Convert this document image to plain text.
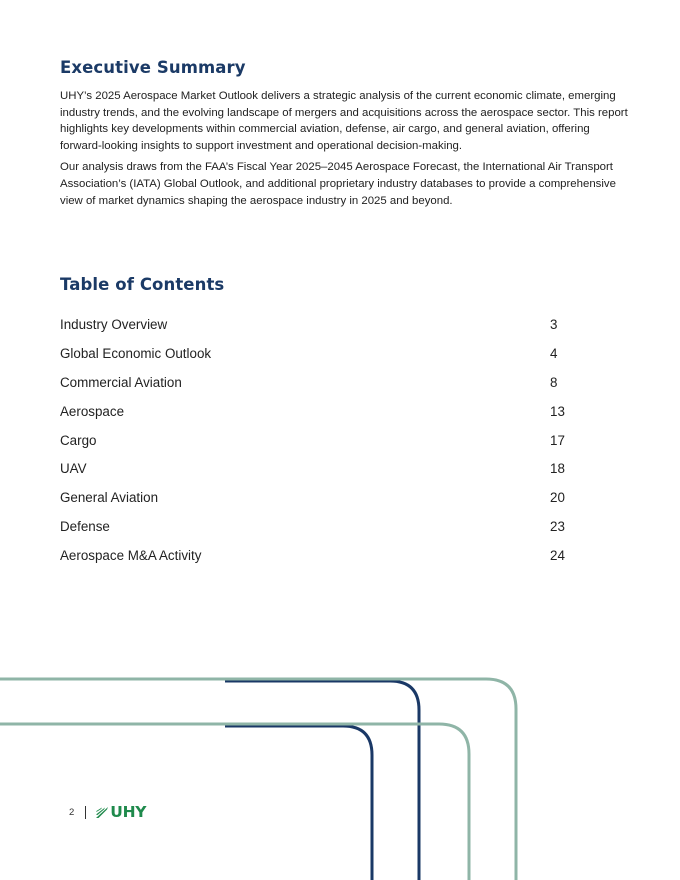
Executive Summary

UHY’s 2025 Aerospace Market Outlook delivers a strategic analysis of the current economic climate, emerging industry trends, and the evolving landscape of mergers and acquisitions across the aerospace sector. This report highlights key developments within commercial aviation, defense, air cargo, and general aviation, offering forward-looking insights to support investment and operational decision-making.

Our analysis draws from the FAA’s Fiscal Year 2025–2045 Aerospace Forecast, the International Air Transport Association’s (IATA) Global Outlook, and additional proprietary industry databases to provide a comprehensive view of market dynamics shaping the aerospace industry in 2025 and beyond.

Table of Contents
Industry Overview	3
Global Economic Outlook	4
Commercial Aviation	8
Aerospace	13
Cargo	17
UAV	18
General Aviation	20
Defense	23
Aerospace M&A Activity	24
2 UHY
